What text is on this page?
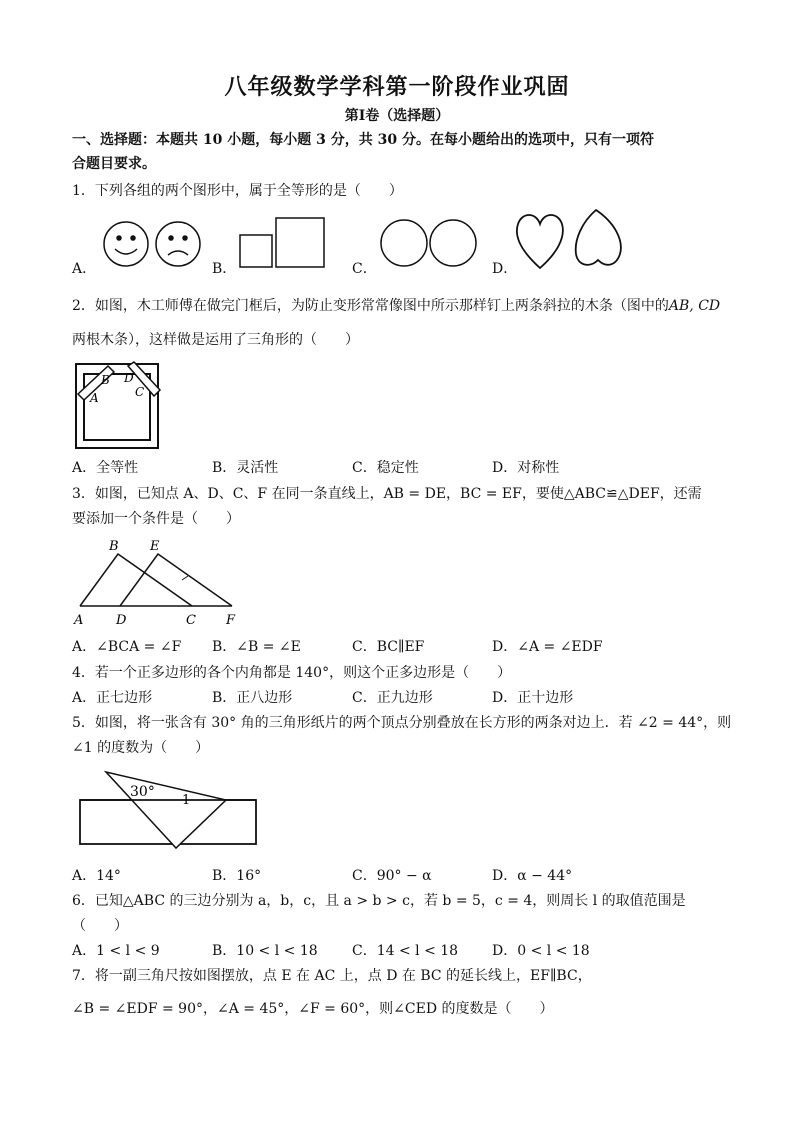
八年级数学学科第一阶段作业巩固
第Ⅰ卷（选择题）
一、选择题：本题共 10 小题，每小题 3 分，共 30 分。在每小题给出的选项中，只有一项符
合题目要求。
1．下列各组的两个图形中，属于全等形的是（　　）
A．	B．	C．	D．
2．如图，木工师傅在做完门框后，为防止变形常常像图中所示那样钉上两条斜拉的木条（图中的AB, CD
两根木条），这样做是运用了三角形的（　　）
A
B
C
D
A．全等性	B．灵活性	C．稳定性	D．对称性
3．如图，已知点 A、D、C、F 在同一条直线上，AB = DE，BC = EF，要使△ABC≌△DEF，还需
要添加一个条件是（　　）
A	D	C F
B E
A．∠BCA = ∠F B．∠B = ∠E	C．BC∥EF	D．∠A = ∠EDF
4．若一个正多边形的各个内角都是 140°，则这个正多边形是（　　）
A．正七边形	B．正八边形	C．正九边形	D．正十边形
5．如图，将一张含有 30° 角的三角形纸片的两个顶点分别叠放在长方形的两条对边上．若 ∠2 = 44°，则
∠1 的度数为（　　）
30°
1
A．14°	B．16°	C．90° − α	D．α − 44°
6．已知△ABC 的三边分别为 a，b，c，且 a > b > c，若 b = 5，c = 4，则周长 l 的取值范围是
（　　）
A．1 < l < 9	B．10 < l < 18 C．14 < l < 18 D．0 < l < 18
7．将一副三角尺按如图摆放，点 E 在 AC 上，点 D 在 BC 的延长线上，EF∥BC，
∠B = ∠EDF = 90°，∠A = 45°，∠F = 60°，则∠CED 的度数是（　　）
